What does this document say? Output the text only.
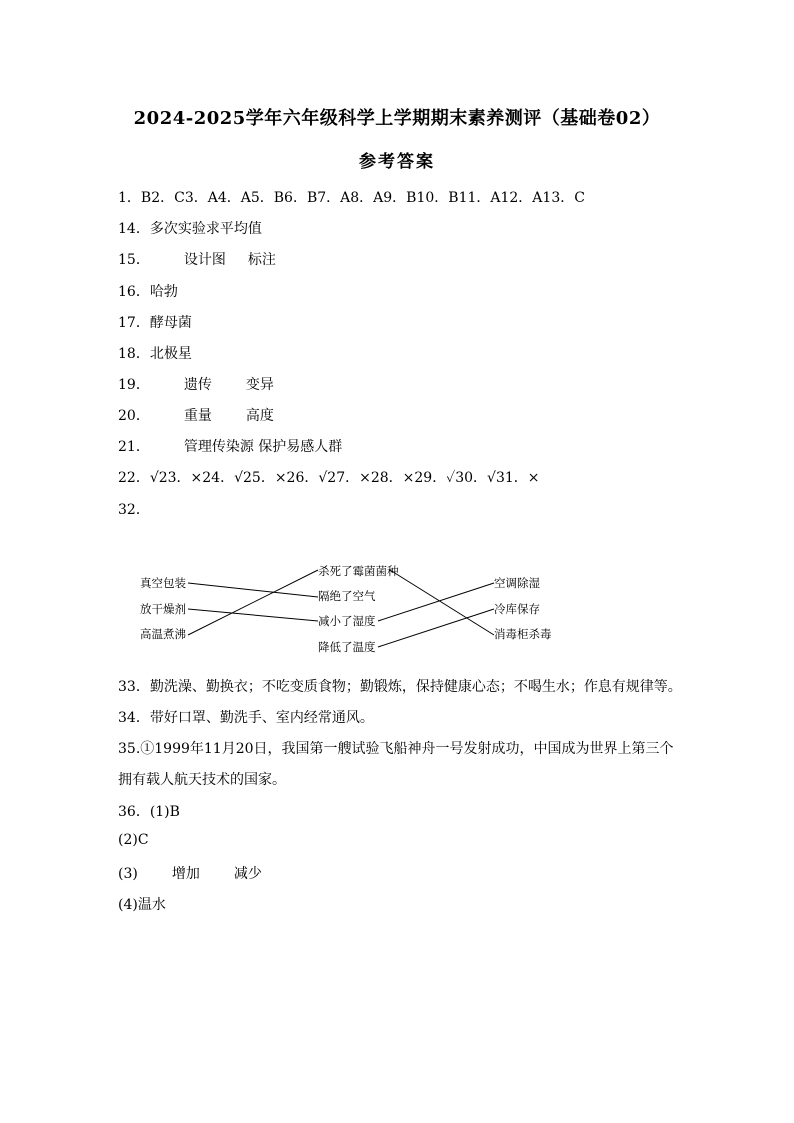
2024-2025学年六年级科学上学期期末素养测评（基础卷02）
参考答案
1．B2．C3．A4．A5．B6．B7．A8．A9．B10．B11．A12．A13．C
14．多次实验求平均值
15． 设计图 标注
16．哈勃
17．酵母菌
18．北极星
19． 遗传 变异
20． 重量 高度
21． 管理传染源 保护易感人群
22．√23．×24．√25．×26．√27．×28．×29．✓30．√31．×
32．
真空包装
放干燥剂
高温煮沸
杀死了霉菌菌种
隔绝了空气
减小了湿度
降低了温度
空调除湿
冷库保存
消毒柜杀毒
33．勤洗澡、勤换衣；不吃变质食物；勤锻炼，保持健康心态；不喝生水；作息有规律等。
34．带好口罩、勤洗手、室内经常通风。
35.①1999年11月20日，我国第一艘试验飞船神舟一号发射成功，中国成为世界上第三个
拥有载人航天技术的国家。
36．(1)B
(2)C
(3) 增加 减少
(4)温水
